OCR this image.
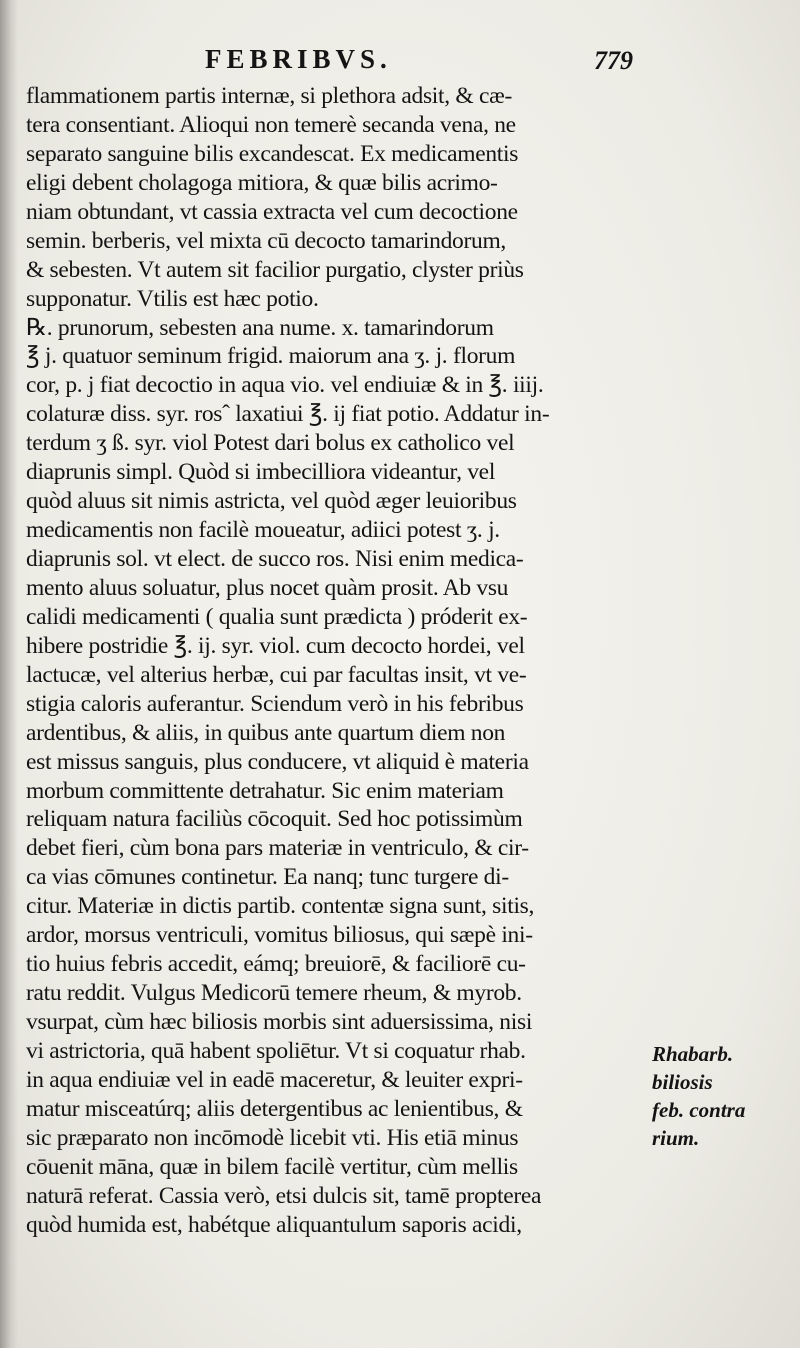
FEBRIBVS.	779
flammationem partis internæ, si plethora adsit, & cæ-
tera consentiant. Alioqui non temerè secanda vena, ne
separato sanguine bilis excandescat. Ex medicamentis
eligi debent cholagoga mitiora, & quæ bilis acrimo-
niam obtundant, vt cassia extracta vel cum decoctione
semin. berberis, vel mixta cū decocto tamarindorum,
& sebesten. Vt autem sit facilior purgatio, clyster priùs
supponatur. Vtilis est hæc potio.
℞. prunorum, sebesten ana nume. x. tamarindorum
℥ j. quatuor seminum frigid. maiorum ana ʒ. j. florum
cor, p. j fiat decoctio in aqua vio. vel endiuiæ & in ℥. iiij.
colaturæ diss. syr. rosˆ laxatiui ℥. ij fiat potio. Addatur in-
terdum ʒ ß. syr. viol Potest dari bolus ex catholico vel
diaprunis simpl. Quòd si imbecilliora videantur, vel
quòd aluus sit nimis astricta, vel quòd æger leuioribus
medicamentis non facilè moueatur, adiici potest ʒ. j.
diaprunis sol. vt elect. de succo ros. Nisi enim medica-
mento aluus soluatur, plus nocet quàm prosit. Ab vsu
calidi medicamenti ( qualia sunt prædicta ) próderit ex-
hibere postridie ℥. ij. syr. viol. cum decocto hordei, vel
lactucæ, vel alterius herbæ, cui par facultas insit, vt ve-
stigia caloris auferantur. Sciendum verò in his febribus
ardentibus, & aliis, in quibus ante quartum diem non
est missus sanguis, plus conducere, vt aliquid è materia
morbum committente detrahatur. Sic enim materiam
reliquam natura faciliùs cōcoquit. Sed hoc potissimùm
debet fieri, cùm bona pars materiæ in ventriculo, & cir-
ca vias cōmunes continetur. Ea nanq; tunc turgere di-
citur. Materiæ in dictis partib. contentæ signa sunt, sitis,
ardor, morsus ventriculi, vomitus biliosus, qui sæpè ini-
tio huius febris accedit, eámq; breuiorē, & faciliorē cu-
ratu reddit. Vulgus Medicorū temere rheum, & myrob.
vsurpat, cùm hæc biliosis morbis sint aduersissima, nisi
vi astrictoria, quā habent spoliētur. Vt si coquatur rhab.
in aqua endiuiæ vel in eadē maceretur, & leuiter expri-
matur misceatúrq; aliis detergentibus ac lenientibus, &
sic præparato non incōmodè licebit vti. His etiā minus
cōuenit māna, quæ in bilem facilè vertitur, cùm mellis
naturā referat. Cassia verò, etsi dulcis sit, tamē propterea
quòd humida est, habétque aliquantulum saporis acidi,
Rhabarb.
biliosis
feb. contra
rium.
